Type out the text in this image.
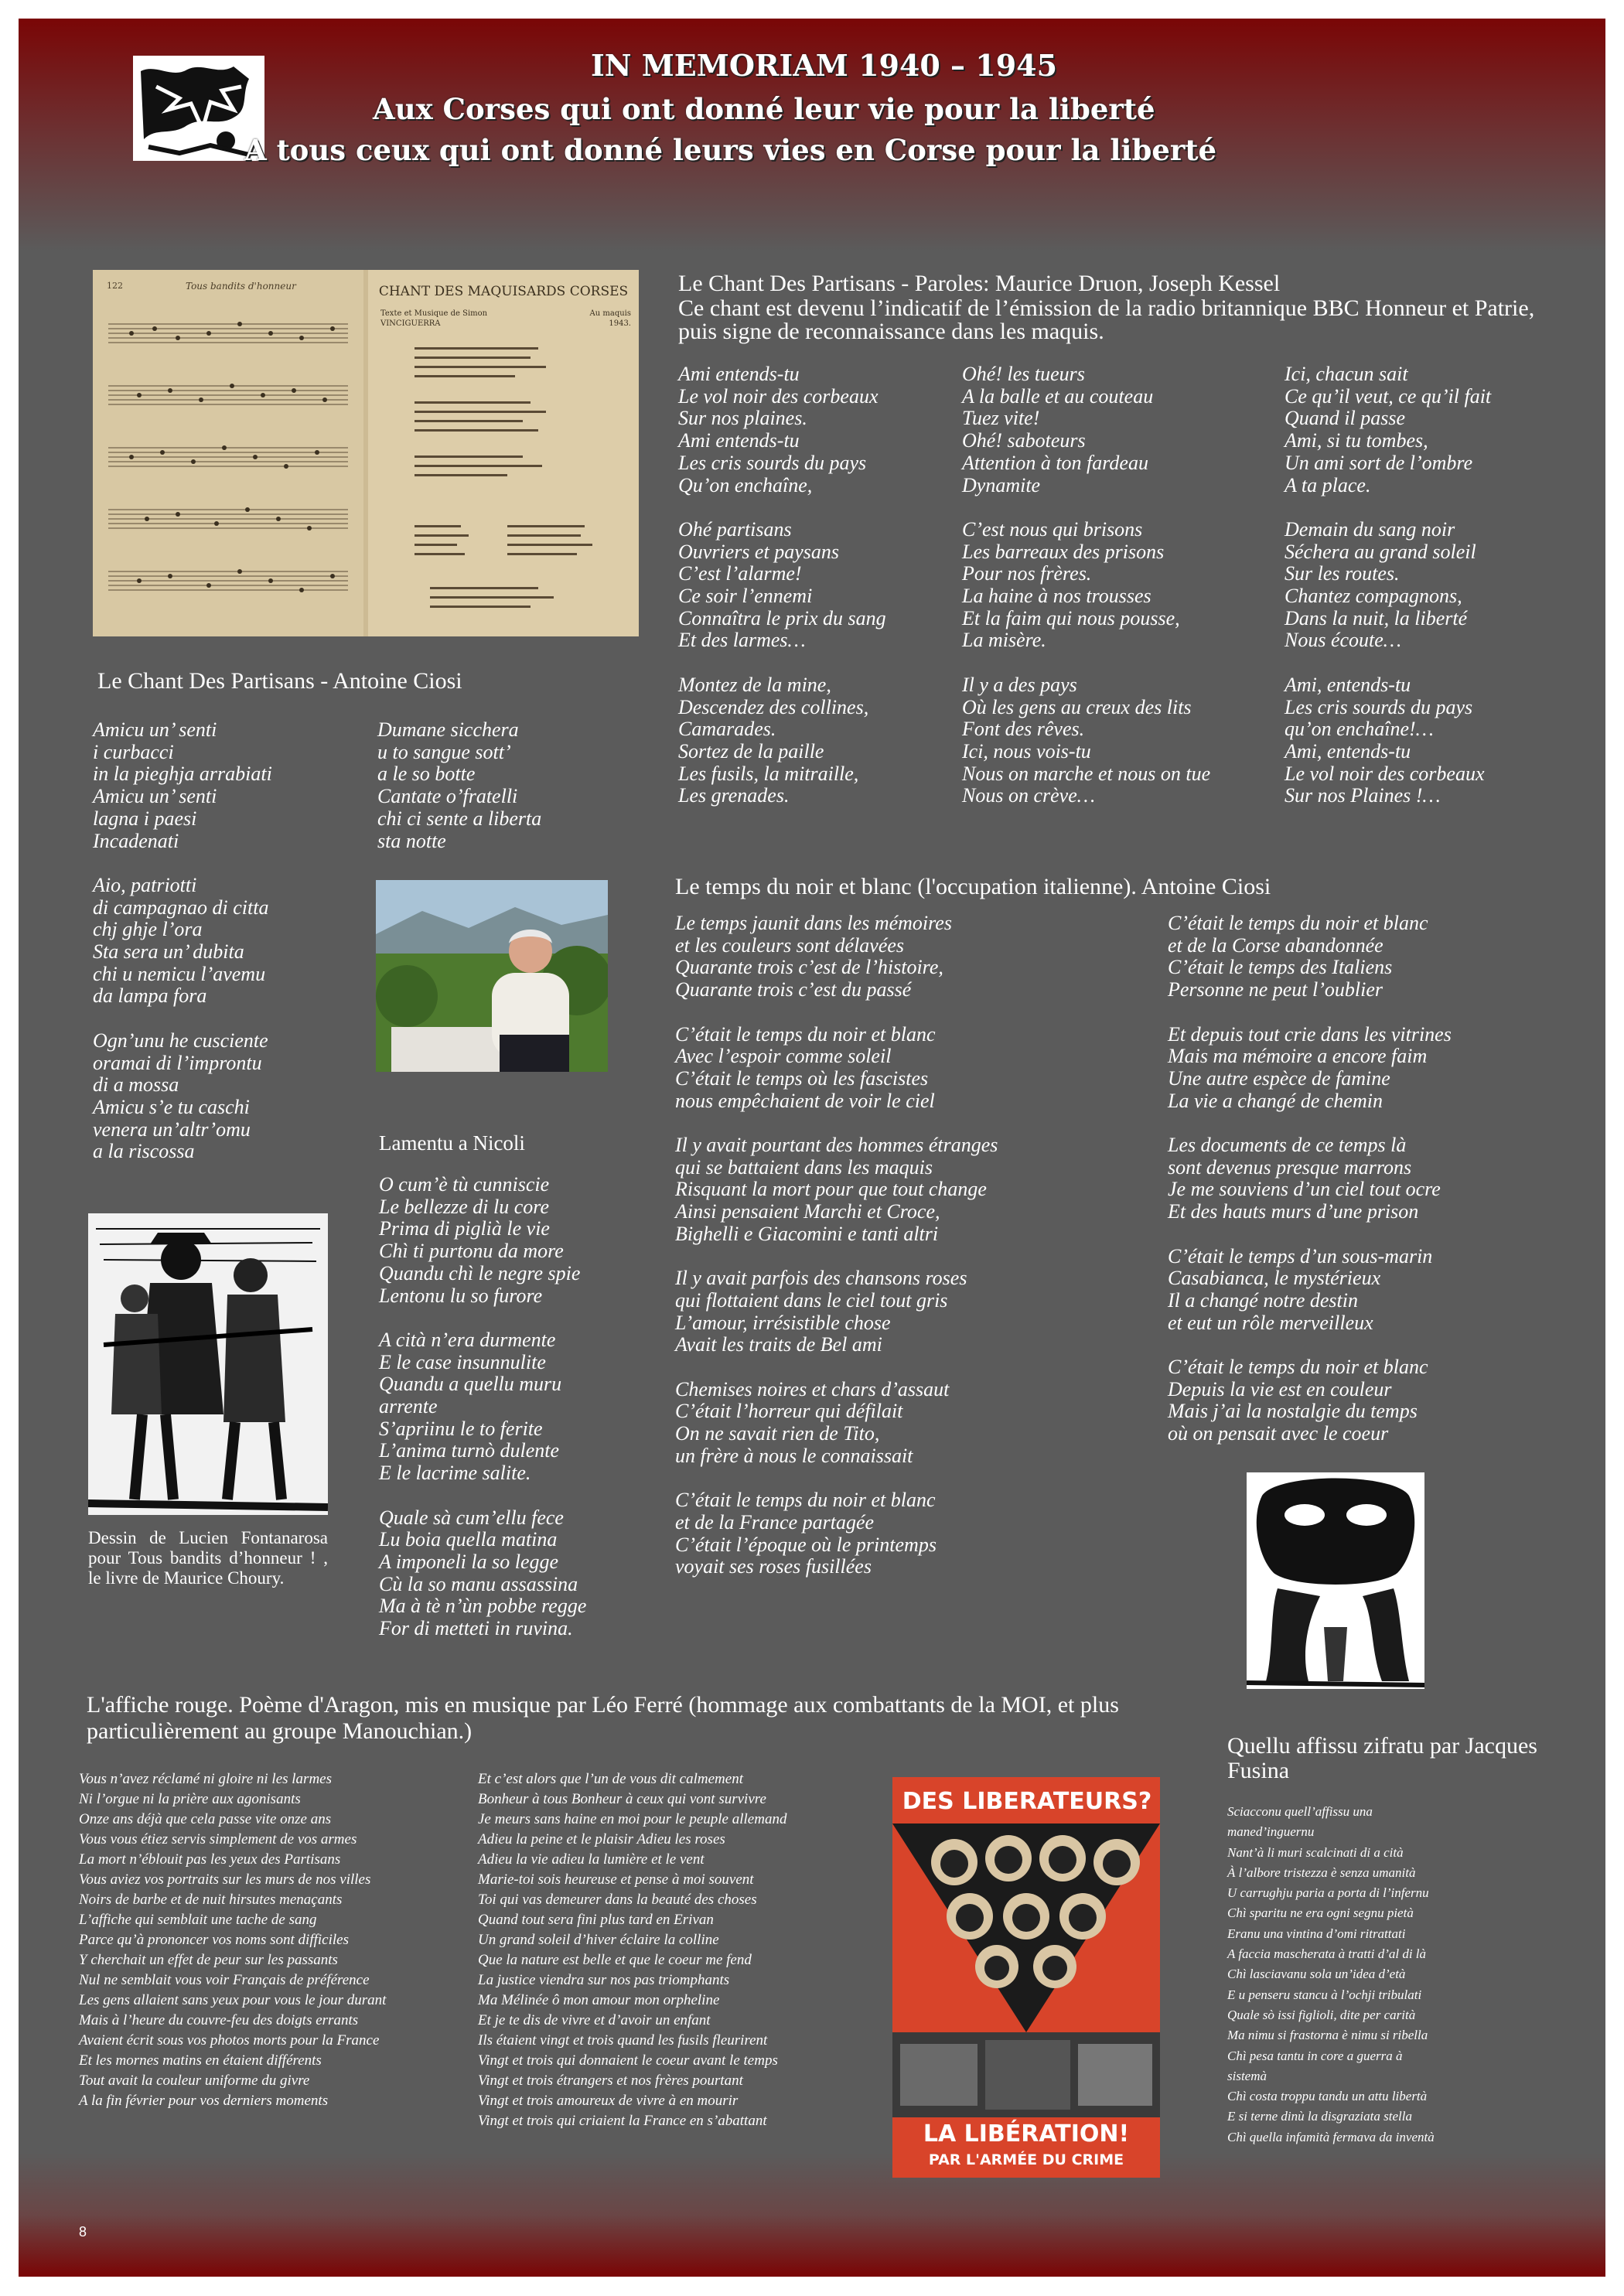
IN MEMORIAM 1940 – 1945
Aux Corses qui ont donné leur vie pour la liberté
A tous ceux qui ont donné leurs vies en Corse pour la liberté
122	Tous bandits d'honneur	CHANT DES MAQUISARDS CORSES
Texte et Musique de Simon VINCIGUERRA
Au maquis 1943.
Le Chant Des Partisans - Paroles: Maurice Druon, Joseph Kessel
Ce chant est devenu l’indicatif de l’émission de la radio britannique BBC Honneur et Patrie, puis signe de reconnaissance dans les maquis.
Ami entends-tu
Le vol noir des corbeaux
Sur nos plaines.
Ami entends-tu
Les cris sourds du pays
Qu’on enchaîne,
Ohé partisans
Ouvriers et paysans
C’est l’alarme!
Ce soir l’ennemi
Connaîtra le prix du sang
Et des larmes…
Montez de la mine,
Descendez des collines,
Camarades.
Sortez de la paille
Les fusils, la mitraille,
Les grenades.
Ohé! les tueurs
A la balle et au couteau
Tuez vite!
Ohé! saboteurs
Attention à ton fardeau
Dynamite
C’est nous qui brisons
Les barreaux des prisons
Pour nos frères.
La haine à nos trousses
Et la faim qui nous pousse,
La misère.
Il y a des pays
Où les gens au creux des lits
Font des rêves.
Ici, nous vois-tu
Nous on marche et nous on tue
Nous on crève…
Ici, chacun sait
Ce qu’il veut, ce qu’il fait
Quand il passe
Ami, si tu tombes,
Un ami sort de l’ombre
A ta place.
Demain du sang noir
Séchera au grand soleil
Sur les routes.
Chantez compagnons,
Dans la nuit, la liberté
Nous écoute…
Ami, entends-tu
Les cris sourds du pays
qu’on enchaîne!…
Ami, entends-tu
Le vol noir des corbeaux
Sur nos Plaines !…
Le Chant Des Partisans - Antoine Ciosi
Amicu un’ senti
i curbacci
in la pieghja arrabiati
Amicu un’ senti
lagna i paesi
Incadenati
Aio, patriotti
di campagnao di citta
chj ghje l’ora
Sta sera un’ dubita
chi u nemicu l’avemu
da lampa fora
Ogn’unu he cusciente
oramai di l’improntu
di a mossa
Amicu s’e tu caschi
venera un’altr’omu
a la riscossa
Dumane sicchera
u to sangue sott’
a le so botte
Cantate o’fratelli
chi ci sente a liberta
sta notte
Lamentu a Nicoli
O cum’è tù cunniscie
Le bellezze di lu core
Prima di piglià le vie
Chì ti purtonu da more
Quandu chì le negre spie
Lentonu lu so furore
A cità n’era durmente
E le case insunnulite
Quandu a quellu muru
arrente
S’apriinu le to ferite
L’anima turnò dulente
E le lacrime salite.
Quale sà cum’ellu fece
Lu boia quella matina
A imponeli la so legge
Cù la so manu assassina
Ma à tè n’ùn pobbe regge
For di metteti in ruvina.
Dessin de Lucien Fontanarosa pour Tous bandits d’honneur ! , le livre de Maurice Choury.
Le temps du noir et blanc (l'occupation italienne). Antoine Ciosi
Le temps jaunit dans les mémoires
et les couleurs sont délavées
Quarante trois c’est de l’histoire,
Quarante trois c’est du passé
C’était le temps du noir et blanc
Avec l’espoir comme soleil
C’était le temps où les fascistes
nous empêchaient de voir le ciel
Il y avait pourtant des hommes étranges
qui se battaient dans les maquis
Risquant la mort pour que tout change
Ainsi pensaient Marchi et Croce,
Bighelli e Giacomini e tanti altri
Il y avait parfois des chansons roses
qui flottaient dans le ciel tout gris
L’amour, irrésistible chose
Avait les traits de Bel ami
Chemises noires et chars d’assaut
C’était l’horreur qui défilait
On ne savait rien de Tito,
un frère à nous le connaissait
C’était le temps du noir et blanc
et de la France partagée
C’était l’époque où le printemps
voyait ses roses fusillées
C’était le temps du noir et blanc
et de la Corse abandonnée
C’était le temps des Italiens
Personne ne peut l’oublier
Et depuis tout crie dans les vitrines
Mais ma mémoire a encore faim
Une autre espèce de famine
La vie a changé de chemin
Les documents de ce temps là
sont devenus presque marrons
Je me souviens d’un ciel tout ocre
Et des hauts murs d’une prison
C’était le temps d’un sous-marin
Casabianca, le mystérieux
Il a changé notre destin
et eut un rôle merveilleux
C’était le temps du noir et blanc
Depuis la vie est en couleur
Mais j’ai la nostalgie du temps
où on pensait avec le coeur
L'affiche rouge. Poème d'Aragon, mis en musique par Léo Ferré (hommage aux combattants de la MOI, et plus particulièrement au groupe Manouchian.)
Vous n’avez réclamé ni gloire ni les larmes
Ni l’orgue ni la prière aux agonisants
Onze ans déjà que cela passe vite onze ans
Vous vous étiez servis simplement de vos armes
La mort n’éblouit pas les yeux des Partisans
Vous aviez vos portraits sur les murs de nos villes
Noirs de barbe et de nuit hirsutes menaçants
L’affiche qui semblait une tache de sang
Parce qu’à prononcer vos noms sont difficiles
Y cherchait un effet de peur sur les passants
Nul ne semblait vous voir Français de préférence
Les gens allaient sans yeux pour vous le jour durant
Mais à l’heure du couvre-feu des doigts errants
Avaient écrit sous vos photos morts pour la France
Et les mornes matins en étaient différents
Tout avait la couleur uniforme du givre
A la fin février pour vos derniers moments
Et c’est alors que l’un de vous dit calmement
Bonheur à tous Bonheur à ceux qui vont survivre
Je meurs sans haine en moi pour le peuple allemand
Adieu la peine et le plaisir Adieu les roses
Adieu la vie adieu la lumière et le vent
Marie-toi sois heureuse et pense à moi souvent
Toi qui vas demeurer dans la beauté des choses
Quand tout sera fini plus tard en Erivan
Un grand soleil d’hiver éclaire la colline
Que la nature est belle et que le coeur me fend
La justice viendra sur nos pas triomphants
Ma Mélinée ô mon amour mon orpheline
Et je te dis de vivre et d’avoir un enfant
Ils étaient vingt et trois quand les fusils fleurirent
Vingt et trois qui donnaient le coeur avant le temps
Vingt et trois étrangers et nos frères pourtant
Vingt et trois amoureux de vivre à en mourir
Vingt et trois qui criaient la France en s’abattant
DES LIBERATEURS?
LA LIBÉRATION!
PAR L'ARMÉE DU CRIME
Quellu affissu zifratu par Jacques Fusina
Sciacconu quell’affissu una
maned’inguernu
Nant’à li muri scalcinati di a cità
À l’albore tristezza è senza umanità
U carrughju paria a porta di l’infernu
Chì sparitu ne era ogni segnu pietà
Eranu una vintina d’omi ritrattati
A faccia mascherata à tratti d’al di là
Chì lasciavanu sola un’idea d’età
E u penseru stancu à l’ochji tribulati
Quale sò issi figlioli, dite per carità
Ma nimu si frastorna è nimu si ribella
Chì pesa tantu in core a guerra à
sistemà
Chì costa troppu tandu un attu libertà
E si terne dinù la disgraziata stella
Chì quella infamità fermava da inventà
8
